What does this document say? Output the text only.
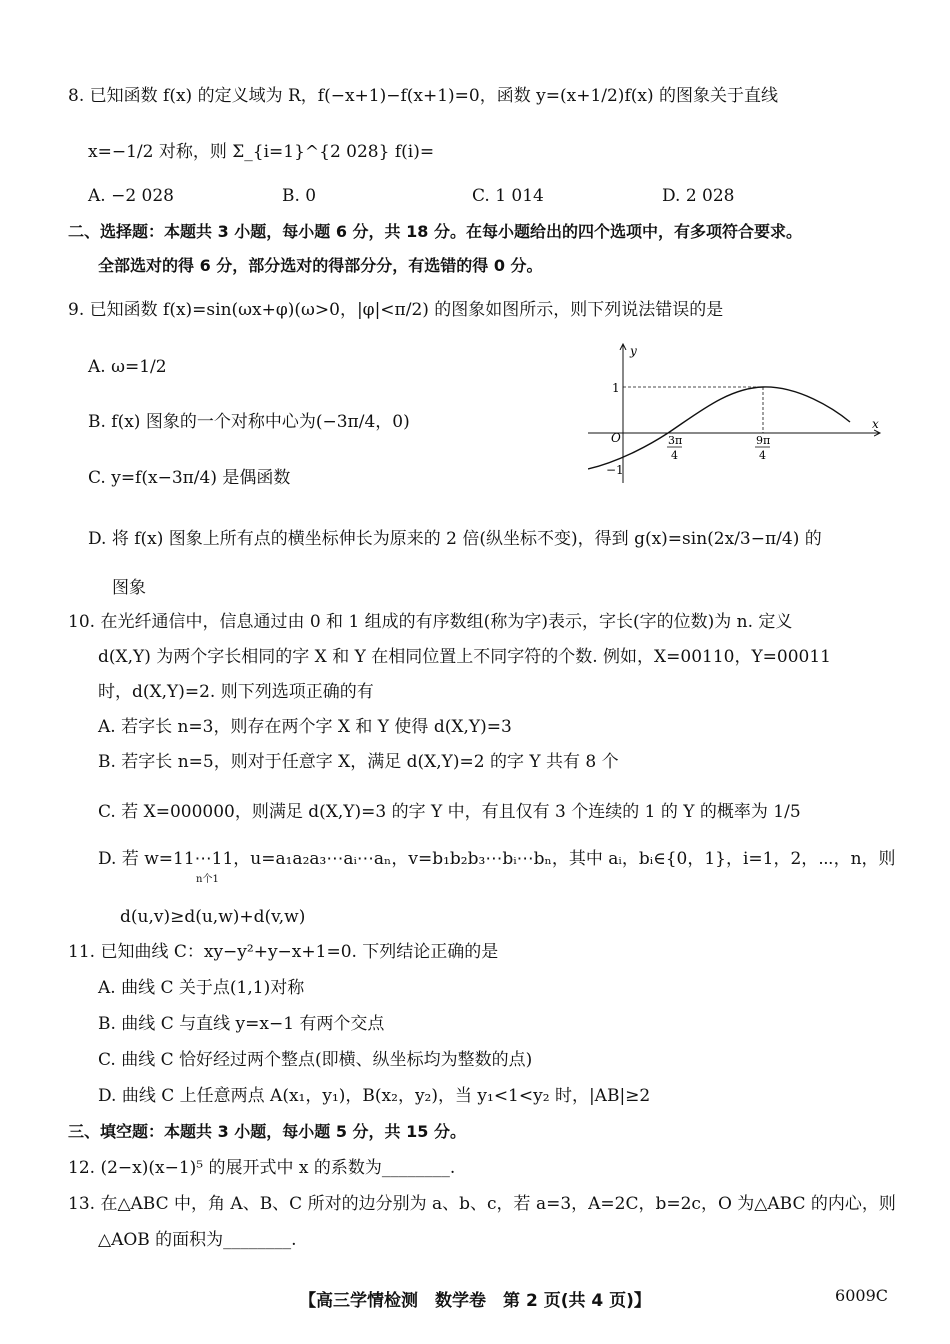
8. 已知函数 f(x) 的定义域为 R，f(−x+1)−f(x+1)=0，函数 y=(x+1/2)f(x) 的图象关于直线
x=−1/2 对称，则 Σ_{i=1}^{2 028} f(i)=
A. −2 028	B. 0	C. 1 014	D. 2 028
二、选择题：本题共 3 小题，每小题 6 分，共 18 分。在每小题给出的四个选项中，有多项符合要求。
全部选对的得 6 分，部分选对的得部分分，有选错的得 0 分。
9. 已知函数 f(x)=sin(ωx+φ)(ω>0，|φ|<π/2) 的图象如图所示，则下列说法错误的是
A. ω=1/2
B. f(x) 图象的一个对称中心为(−3π/4，0)
C. y=f(x−3π/4) 是偶函数
D. 将 f(x) 图象上所有点的横坐标伸长为原来的 2 倍(纵坐标不变)，得到 g(x)=sin(2x/3−π/4) 的
图象
y
x
O
1
−1
3π
4
9π
4
10. 在光纤通信中，信息通过由 0 和 1 组成的有序数组(称为字)表示，字长(字的位数)为 n. 定义
d(X,Y) 为两个字长相同的字 X 和 Y 在相同位置上不同字符的个数. 例如，X=00110，Y=00011
时，d(X,Y)=2. 则下列选项正确的有
A. 若字长 n=3，则存在两个字 X 和 Y 使得 d(X,Y)=3
B. 若字长 n=5，则对于任意字 X，满足 d(X,Y)=2 的字 Y 共有 8 个
C. 若 X=000000，则满足 d(X,Y)=3 的字 Y 中，有且仅有 3 个连续的 1 的 Y 的概率为 1/5
D. 若 w=11⋯11，u=a₁a₂a₃⋯aᵢ⋯aₙ，v=b₁b₂b₃⋯bᵢ⋯bₙ，其中 aᵢ，bᵢ∈{0，1}，i=1，2，⋯，n，则
n个1
d(u,v)≥d(u,w)+d(v,w)
11. 已知曲线 C：xy−y²+y−x+1=0. 下列结论正确的是
A. 曲线 C 关于点(1,1)对称
B. 曲线 C 与直线 y=x−1 有两个交点
C. 曲线 C 恰好经过两个整点(即横、纵坐标均为整数的点)
D. 曲线 C 上任意两点 A(x₁，y₁)，B(x₂，y₂)，当 y₁<1<y₂ 时，|AB|≥2
三、填空题：本题共 3 小题，每小题 5 分，共 15 分。
12. (2−x)(x−1)⁵ 的展开式中 x 的系数为________.
13. 在△ABC 中，角 A、B、C 所对的边分别为 a、b、c，若 a=3，A=2C，b=2c，O 为△ABC 的内心，则
△AOB 的面积为________.
【高三学情检测　数学卷　第 2 页(共 4 页)】	6009C
